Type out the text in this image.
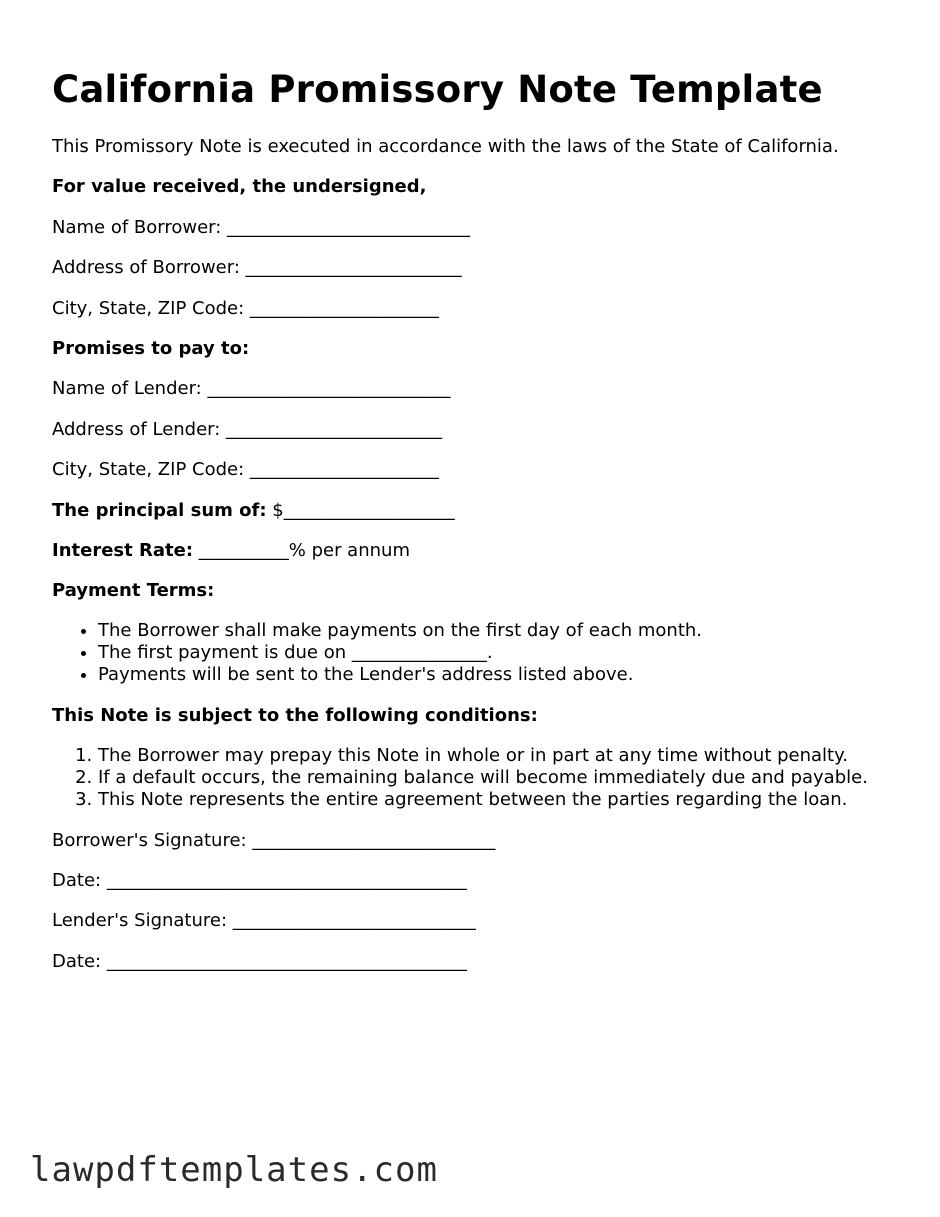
California Promissory Note Template
This Promissory Note is executed in accordance with the laws of the State of California.
For value received, the undersigned,
Name of Borrower: ___________________________
Address of Borrower: ________________________
City, State, ZIP Code: _____________________
Promises to pay to:
Name of Lender: ___________________________
Address of Lender: ________________________
City, State, ZIP Code: _____________________
The principal sum of: $___________________
Interest Rate: __________% per annum
Payment Terms:
• The Borrower shall make payments on the first day of each month.
• The first payment is due on _______________.
• Payments will be sent to the Lender's address listed above.
This Note is subject to the following conditions:
1. The Borrower may prepay this Note in whole or in part at any time without penalty.
2. If a default occurs, the remaining balance will become immediately due and payable.
3. This Note represents the entire agreement between the parties regarding the loan.
Borrower's Signature: ___________________________
Date: ________________________________________
Lender's Signature: ___________________________
Date: ________________________________________
lawpdftemplates.com
